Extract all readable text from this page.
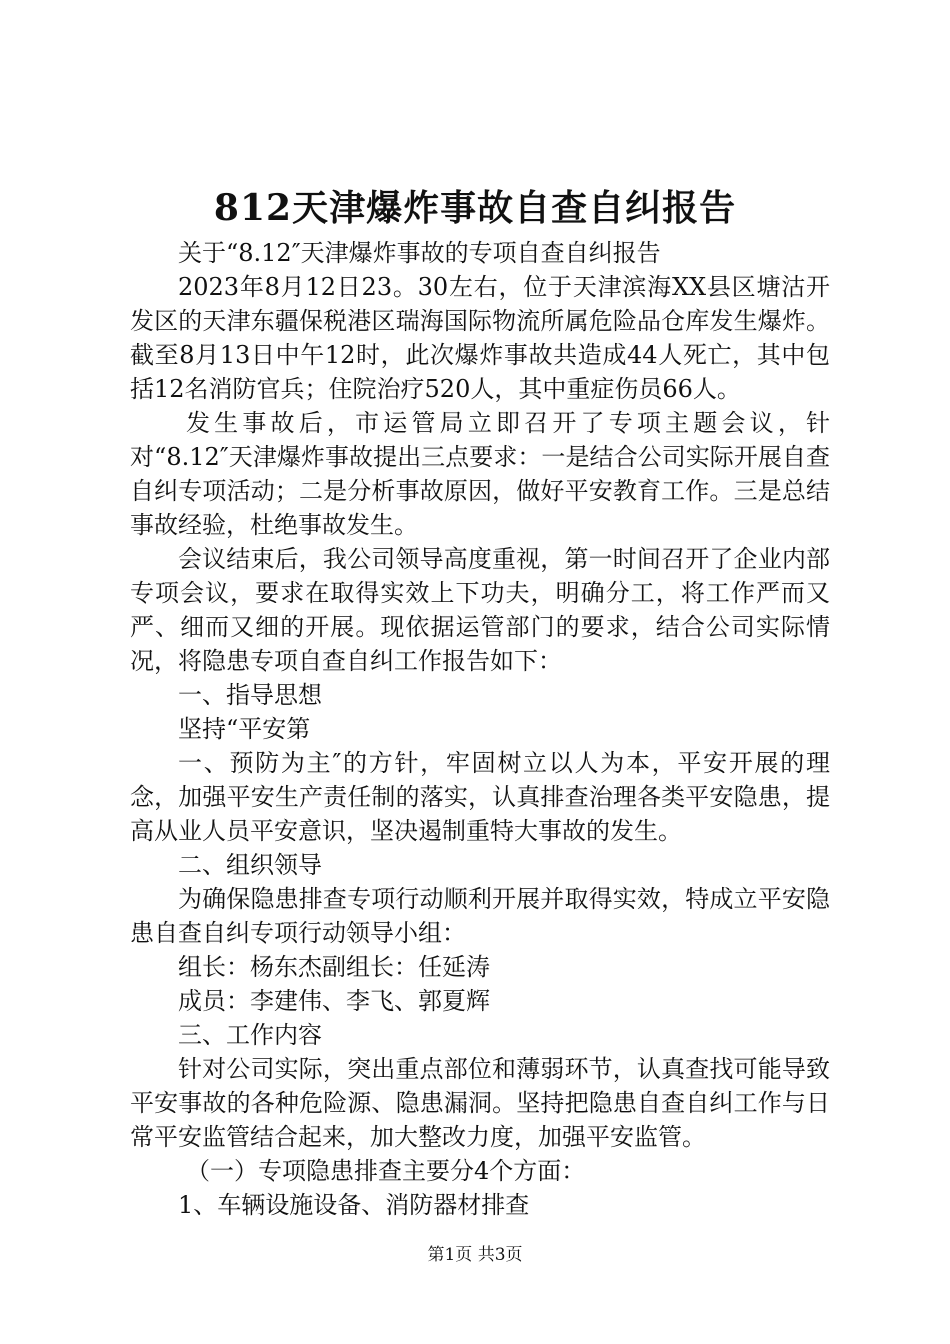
812天津爆炸事故自查自纠报告

关于“8.12″天津爆炸事故的专项自查自纠报告

2023年8月12日23。30左右，位于天津滨海XX县区塘沽开发区的天津东疆保税港区瑞海国际物流所属危险品仓库发生爆炸。截至8月13日中午12时，此次爆炸事故共造成44人死亡，其中包括12名消防官兵；住院治疗520人，其中重症伤员66人。

发生事故后，市运管局立即召开了专项主题会议，针对“8.12″天津爆炸事故提出三点要求：一是结合公司实际开展自查自纠专项活动；二是分析事故原因，做好平安教育工作。三是总结事故经验，杜绝事故发生。

会议结束后，我公司领导高度重视，第一时间召开了企业内部专项会议，要求在取得实效上下功夫，明确分工，将工作严而又严、细而又细的开展。现依据运管部门的要求，结合公司实际情况，将隐患专项自查自纠工作报告如下：

一、指导思想

坚持“平安第

一、预防为主″的方针，牢固树立以人为本，平安开展的理念，加强平安生产责任制的落实，认真排查治理各类平安隐患，提高从业人员平安意识，坚决遏制重特大事故的发生。

二、组织领导

为确保隐患排查专项行动顺利开展并取得实效，特成立平安隐患自查自纠专项行动领导小组：

组长：杨东杰副组长：任延涛

成员：李建伟、李飞、郭夏辉

三、工作内容

针对公司实际，突出重点部位和薄弱环节，认真查找可能导致平安事故的各种危险源、隐患漏洞。坚持把隐患自查自纠工作与日常平安监管结合起来，加大整改力度，加强平安监管。

（一）专项隐患排查主要分4个方面：

1、车辆设施设备、消防器材排查

第1页 共3页
